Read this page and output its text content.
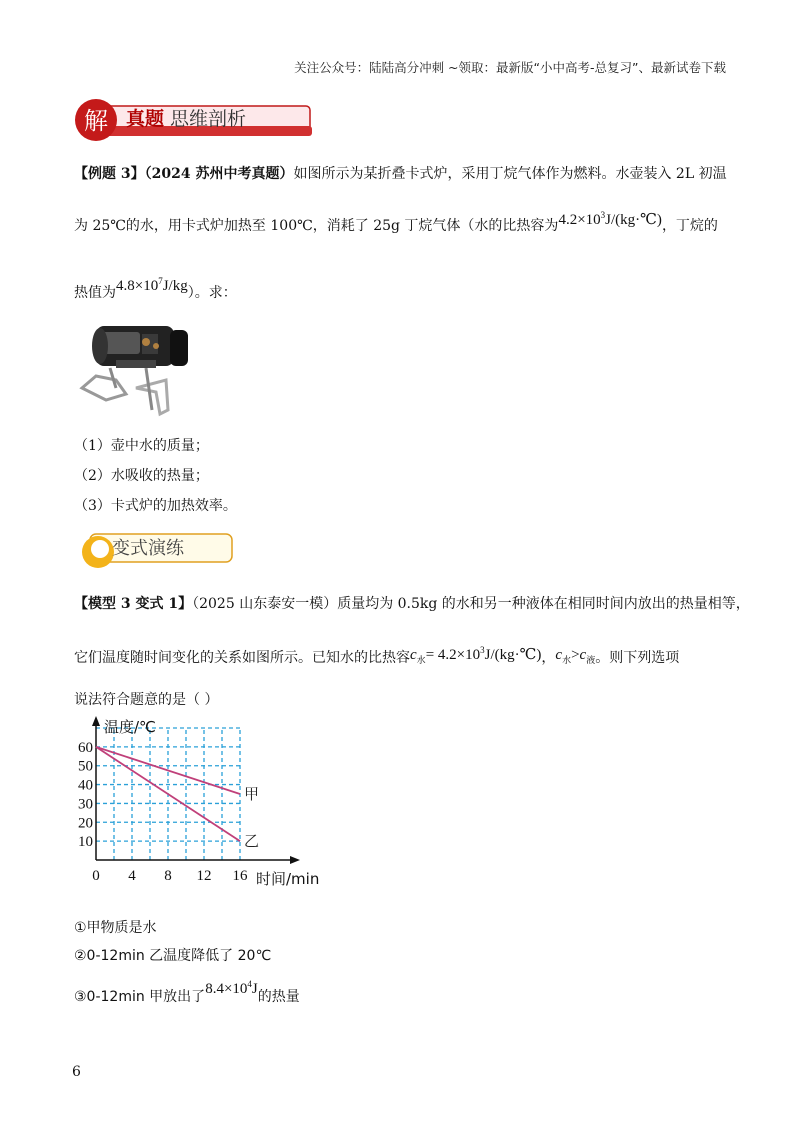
关注公众号：陆陆高分冲刺 ~领取：最新版“小中高考-总复习”、最新试卷下载
解 真题 思维剖析
【例题 3】（2024 苏州中考真题）如图所示为某折叠卡式炉，采用丁烷气体作为燃料。水壶装入 2L 初温
为 25℃的水，用卡式炉加热至 100℃，消耗了 25g 丁烷气体（水的比热容为$4.2\times 10^3J/(kg\cdot℃)$，丁烷的
热值为$4.8\times 10^7J/kg$）。求：
（1）壶中水的质量；
（2）水吸收的热量；
（3）卡式炉的加热效率。
变式演练
【模型 3 变式 1】（2025 山东泰安一模）质量均为 0.5kg 的水和另一种液体在相同时间内放出的热量相等，
它们温度随时间变化的关系如图所示。已知水的比热容$c_水=$ $4.2\times 10^3J/(kg\cdot℃)$，$c_水>c_液$。则下列选项
说法符合题意的是（ ）
甲
乙
0 4 8 12 16
10
20
30
40
50
60
温度/℃
时间/min
①甲物质是水
②0-12min 乙温度降低了 20℃
③0-12min 甲放出了$8.4\times 10^4J$的热量
6
